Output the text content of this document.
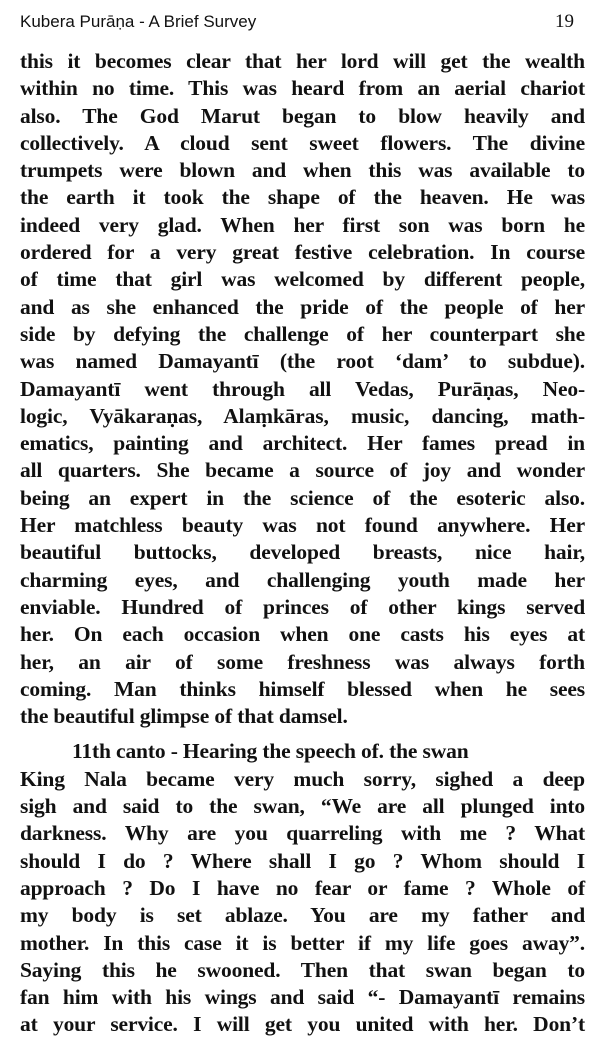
Kubera Purāṇa - A Brief Survey	19
this it becomes clear that her lord will get the wealth
within no time. This was heard from an aerial chariot
also. The God Marut began to blow heavily and
collectively. A cloud sent sweet flowers. The divine
trumpets were blown and when this was available to
the earth it took the shape of the heaven. He was
indeed very glad. When her first son was born he
ordered for a very great festive celebration. In course
of time that girl was welcomed by different people,
and as she enhanced the pride of the people of her
side by defying the challenge of her counterpart she
was named Damayantī (the root ‘dam’ to subdue).
Damayantī went through all Vedas, Purāṇas, Neo-
logic, Vyākaraṇas, Alaṃkāras, music, dancing, math-
ematics, painting and architect. Her fames pread in
all quarters. She became a source of joy and wonder
being an expert in the science of the esoteric also.
Her matchless beauty was not found anywhere. Her
beautiful buttocks, developed breasts, nice hair,
charming eyes, and challenging youth made her
enviable. Hundred of princes of other kings served
her. On each occasion when one casts his eyes at
her, an air of some freshness was always forth
coming. Man thinks himself blessed when he sees
the beautiful glimpse of that damsel.
11th canto - Hearing the speech of. the swan
King Nala became very much sorry, sighed a deep
sigh and said to the swan, “We are all plunged into
darkness. Why are you quarreling with me ? What
should I do ? Where shall I go ? Whom should I
approach ? Do I have no fear or fame ? Whole of
my body is set ablaze. You are my father and
mother. In this case it is better if my life goes away”.
Saying this he swooned. Then that swan began to
fan him with his wings and said “- Damayantī remains
at your service. I will get you united with her. Don’t
